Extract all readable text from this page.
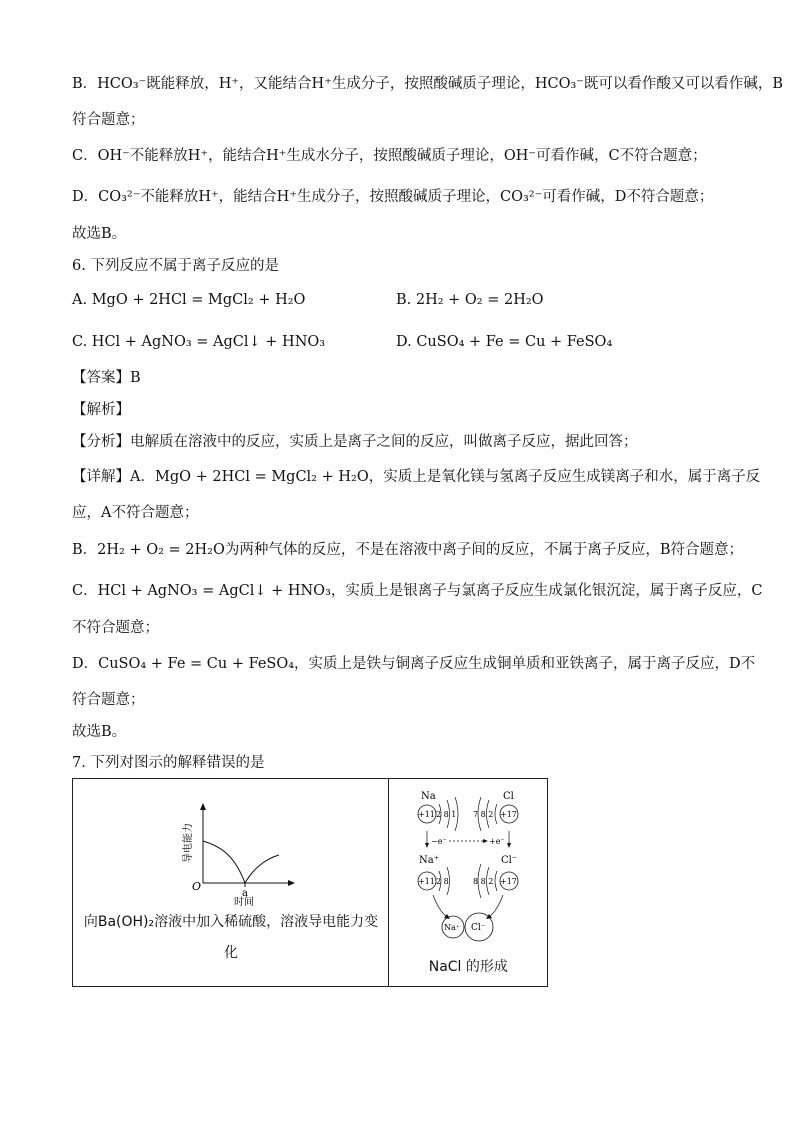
B．HCO₃⁻既能释放，H⁺，又能结合H⁺生成分子，按照酸碱质子理论，HCO₃⁻既可以看作酸又可以看作碱，B
符合题意；
C．OH⁻不能释放H⁺，能结合H⁺生成水分子，按照酸碱质子理论，OH⁻可看作碱，C不符合题意；
D．CO₃²⁻不能释放H⁺，能结合H⁺生成分子，按照酸碱质子理论，CO₃²⁻可看作碱，D不符合题意；
故选B。
6. 下列反应不属于离子反应的是
A. MgO + 2HCl = MgCl₂ + H₂O	B. 2H₂ + O₂ = 2H₂O
C. HCl + AgNO₃ = AgCl↓ + HNO₃	D. CuSO₄ + Fe = Cu + FeSO₄
【答案】B
【解析】
【分析】电解质在溶液中的反应，实质上是离子之间的反应，叫做离子反应，据此回答；
【详解】A．MgO + 2HCl = MgCl₂ + H₂O，实质上是氧化镁与氢离子反应生成镁离子和水，属于离子反
应，A不符合题意；
B．2H₂ + O₂ = 2H₂O为两种气体的反应，不是在溶液中离子间的反应，不属于离子反应，B符合题意；
C．HCl + AgNO₃ = AgCl↓ + HNO₃，实质上是银离子与氯离子反应生成氯化银沉淀，属于离子反应，C
不符合题意；
D．CuSO₄ + Fe = Cu + FeSO₄，实质上是铁与铜离子反应生成铜单质和亚铁离子，属于离子反应，D不
符合题意；
故选B。
7. 下列对图示的解释错误的是
O
a
时间
导电能力
向Ba(OH)₂溶液中加入稀硫酸，溶液导电能力变
化

Na	Cl
+11 2 8 1	+17
7 8 2
−e⁻	+e⁻
Na⁺	Cl⁻
+11 2 8	+17
8 8 2
Na⁺ Cl⁻
NaCl 的形成
